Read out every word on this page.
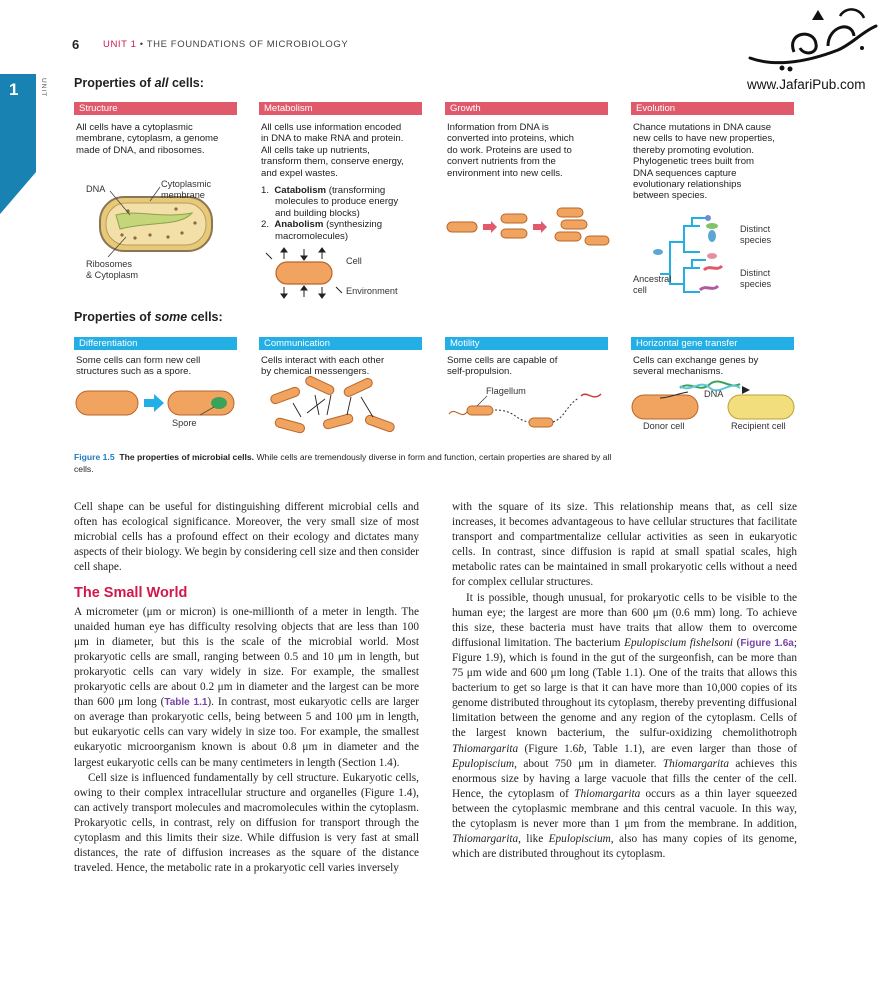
6	UNIT 1 • THE FOUNDATIONS OF MICROBIOLOGY
www.JafariPub.com
1	UNIT Properties of all cells:
Structure
All cells have a cytoplasmic
membrane, cytoplasm, a genome
made of DNA, and ribosomes.
DNA	Cytoplasmic
membrane
Ribosomes
& Cytoplasm
Metabolism
All cells use information encoded
in DNA to make RNA and protein.
All cells take up nutrients,
transform them, conserve energy,
and expel wastes.
1. Catabolism (transforming
molecules to produce energy
and building blocks)
2. Anabolism (synthesizing
macromolecules)
Cell
Environment
Growth
Information from DNA is
converted into proteins, which
do work. Proteins are used to
convert nutrients from the
environment into new cells.
Evolution
Chance mutations in DNA cause
new cells to have new properties,
thereby promoting evolution.
Phylogenetic trees built from
DNA sequences capture
evolutionary relationships
between species.
Distinct
species
Distinct
species
Ancestral
cell
Properties of some cells:
Differentiation
Some cells can form new cell
structures such as a spore.
Spore
Communication
Cells interact with each other
by chemical messengers.
Motility
Some cells are capable of
self-propulsion.
Flagellum
Horizontal gene transfer
Cells can exchange genes by
several mechanisms.
DNA
Donor cell	Recipient cell
Figure 1.5 The properties of microbial cells. While cells are tremendously diverse in form and function, certain properties are shared by all cells.

Cell shape can be useful for distinguishing different microbial cells and often has ecological significance. Moreover, the very small size of most microbial cells has a profound effect on their ecology and dictates many aspects of their biology. We begin by considering cell size and then consider cell shape.

The Small World

A micrometer (μm or micron) is one-millionth of a meter in length. The unaided human eye has difficulty resolving objects that are less than 100 μm in diameter, but this is the scale of the microbial world. Most prokaryotic cells are small, ranging between 0.5 and 10 μm in length, but prokaryotic cells can vary widely in size. For example, the smallest prokaryotic cells are about 0.2 μm in diameter and the largest can be more than 600 μm long (Table 1.1). In contrast, most eukaryotic cells are larger on average than prokaryotic cells, being between 5 and 100 μm in length, but eukaryotic cells can vary widely in size too. For example, the smallest eukaryotic microorganism known is about 0.8 μm in diameter and the largest eukaryotic cells can be many centimeters in length (Section 1.4).

Cell size is influenced fundamentally by cell structure. Eukaryotic cells, owing to their complex intracellular structure and organelles (Figure 1.4), can actively transport molecules and macromolecules within the cytoplasm. Prokaryotic cells, in contrast, rely on diffusion for transport through the cytoplasm and this limits their size. While diffusion is very fast at small distances, the rate of diffusion increases as the square of the distance traveled. Hence, the metabolic rate in a prokaryotic cell varies inversely

with the square of its size. This relationship means that, as cell size increases, it becomes advantageous to have cellular structures that facilitate transport and compartmentalize cellular activities as seen in eukaryotic cells. In contrast, since diffusion is rapid at small spatial scales, high metabolic rates can be maintained in small prokaryotic cells without a need for complex cellular structures.

It is possible, though unusual, for prokaryotic cells to be visible to the human eye; the largest are more than 600 μm (0.6 mm) long. To achieve this size, these bacteria must have traits that allow them to overcome diffusional limitation. The bacterium Epulopiscium fishelsoni (Figure 1.6a; Figure 1.9), which is found in the gut of the surgeonfish, can be more than 75 μm wide and 600 μm long (Table 1.1). One of the traits that allows this bacterium to get so large is that it can have more than 10,000 copies of its genome distributed throughout its cytoplasm, thereby preventing diffusional limitation between the genome and any region of the cytoplasm. Cells of the largest known bacterium, the sulfur-oxidizing chemolithotroph Thiomargarita (Figure 1.6b, Table 1.1), are even larger than those of Epulopiscium, about 750 μm in diameter. Thiomargarita achieves this enormous size by having a large vacuole that fills the center of the cell. Hence, the cytoplasm of Thiomargarita occurs as a thin layer squeezed between the cytoplasmic membrane and this central vacuole. In this way, the cytoplasm is never more than 1 μm from the membrane. In addition, Thiomargarita, like Epulopiscium, also has many copies of its genome, which are distributed throughout its cytoplasm.
